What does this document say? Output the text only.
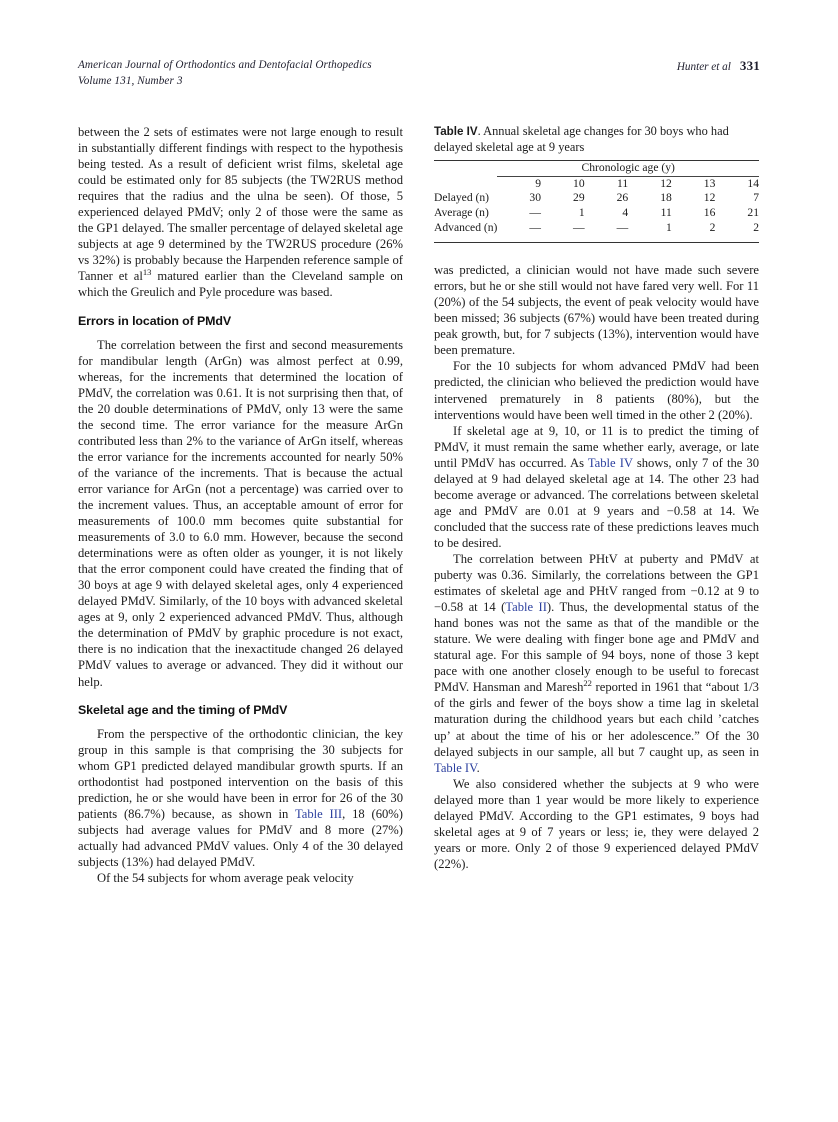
American Journal of Orthodontics and Dentofacial Orthopedics
Volume 131, Number 3
Hunter et al 331

between the 2 sets of estimates were not large enough to result in substantially different findings with respect to the hypothesis being tested. As a result of deficient wrist films, skeletal age could be estimated only for 85 subjects (the TW2RUS method requires that the radius and the ulna be seen). Of those, 5 experienced delayed PMdV; only 2 of those were the same as the GP1 delayed. The smaller percentage of delayed skeletal age subjects at age 9 determined by the TW2RUS procedure (26% vs 32%) is probably because the Harpenden reference sample of Tanner et $al^{13}$ matured earlier than the Cleveland sample on which the Greulich and Pyle procedure was based.

Errors in location of PMdV

The correlation between the first and second measurements for mandibular length (ArGn) was almost perfect at 0.99, whereas, for the increments that determined the location of PMdV, the correlation was 0.61. It is not surprising then that, of the 20 double determinations of PMdV, only 13 were the same the second time. The error variance for the measure ArGn contributed less than 2% to the variance of ArGn itself, whereas the error variance for the increments accounted for nearly 50% of the variance of the increments. That is because the actual error variance for ArGn (not a percentage) was carried over to the increment values. Thus, an acceptable amount of error for measurements of 100.0 mm becomes quite substantial for measurements of 3.0 to 6.0 mm. However, because the second determinations were as often older as younger, it is not likely that the error component could have created the finding that of 30 boys at age 9 with delayed skeletal ages, only 4 experienced delayed PMdV. Similarly, of the 10 boys with advanced skeletal ages at 9, only 2 experienced advanced PMdV. Thus, although the determination of PMdV by graphic procedure is not exact, there is no indication that the inexactitude changed 26 delayed PMdV values to average or advanced. They did it without our help.

Skeletal age and the timing of PMdV

From the perspective of the orthodontic clinician, the key group in this sample is that comprising the 30 subjects for whom GP1 predicted delayed mandibular growth spurts. If an orthodontist had postponed intervention on the basis of this prediction, he or she would have been in error for 26 of the 30 patients (86.7%) because, as shown in Table III, 18 (60%) subjects had average values for PMdV and 8 more (27%) actually had advanced PMdV values. Only 4 of the 30 delayed subjects (13%) had delayed PMdV.

Of the 54 subjects for whom average peak velocity

Table IV. Annual skeletal age changes for 30 boys who had delayed skeletal age at 9 years

	Chronologic age (y)					

	9	10	11	12	13	14
Delayed (n)	30	29	26	18	12	7
Average (n)	—	1	4	11	16	21
Advanced (n)	—	—	—	1	2	2

was predicted, a clinician would not have made such severe errors, but he or she still would not have fared very well. For 11 (20%) of the 54 subjects, the event of peak velocity would have been missed; 36 subjects (67%) would have been treated during peak growth, but, for 7 subjects (13%), intervention would have been premature.

For the 10 subjects for whom advanced PMdV had been predicted, the clinician who believed the prediction would have intervened prematurely in 8 patients (80%), but the interventions would have been well timed in the other 2 (20%).

If skeletal age at 9, 10, or 11 is to predict the timing of PMdV, it must remain the same whether early, average, or late until PMdV has occurred. As Table IV shows, only 7 of the 30 delayed at 9 had delayed skeletal age at 14. The other 23 had become average or advanced. The correlations between skeletal age and PMdV are 0.01 at 9 years and −0.58 at 14. We concluded that the success rate of these predictions leaves much to be desired.

The correlation between PHtV at puberty and PMdV at puberty was 0.36. Similarly, the correlations between the GP1 estimates of skeletal age and PHtV ranged from −0.12 at 9 to −0.58 at 14 (Table II). Thus, the developmental status of the hand bones was not the same as that of the mandible or the stature. We were dealing with finger bone age and PMdV and statural age. For this sample of 94 boys, none of those 3 kept pace with one another closely enough to be useful to forecast PMdV. Hansman and Maresh$^{22}$ reported in 1961 that “about 1/3 of the girls and fewer of the boys show a time lag in skeletal maturation during the childhood years but each child ’catches up’ at about the time of his or her adolescence.” Of the 30 delayed subjects in our sample, all but 7 caught up, as seen in Table IV.

We also considered whether the subjects at 9 who were delayed more than 1 year would be more likely to experience delayed PMdV. According to the GP1 estimates, 9 boys had skeletal ages at 9 of 7 years or less; ie, they were delayed 2 years or more. Only 2 of those 9 experienced delayed PMdV (22%).
